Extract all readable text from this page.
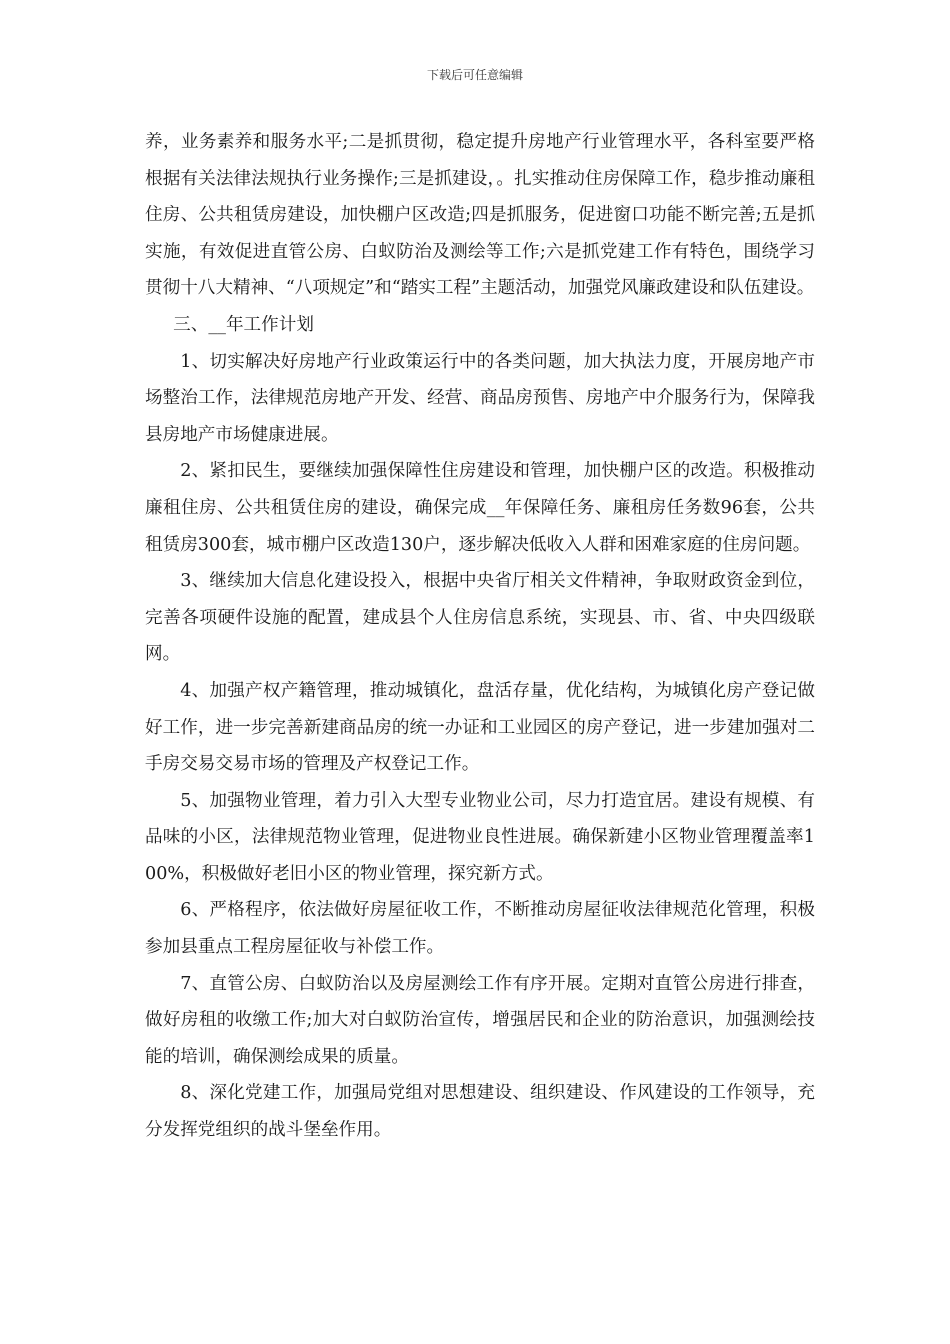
下载后可任意编辑

养，业务素养和服务水平;二是抓贯彻，稳定提升房地产行业管理水平，各科室要严格根据有关法律法规执行业务操作;三是抓建设，。扎实推动住房保障工作，稳步推动廉租住房、公共租赁房建设，加快棚户区改造;四是抓服务，促进窗口功能不断完善;五是抓实施，有效促进直管公房、白蚁防治及测绘等工作;六是抓党建工作有特色，围绕学习贯彻十八大精神、“八项规定”和“踏实工程”主题活动，加强党风廉政建设和队伍建设。

三、__年工作计划

1、切实解决好房地产行业政策运行中的各类问题，加大执法力度，开展房地产市场整治工作，法律规范房地产开发、经营、商品房预售、房地产中介服务行为，保障我县房地产市场健康进展。

2、紧扣民生，要继续加强保障性住房建设和管理，加快棚户区的改造。积极推动廉租住房、公共租赁住房的建设，确保完成__年保障任务、廉租房任务数96套，公共租赁房300套，城市棚户区改造130户，逐步解决低收入人群和困难家庭的住房问题。

3、继续加大信息化建设投入，根据中央省厅相关文件精神，争取财政资金到位，完善各项硬件设施的配置，建成县个人住房信息系统，实现县、市、省、中央四级联网。

4、加强产权产籍管理，推动城镇化，盘活存量，优化结构，为城镇化房产登记做好工作，进一步完善新建商品房的统一办证和工业园区的房产登记，进一步建加强对二手房交易交易市场的管理及产权登记工作。

5、加强物业管理，着力引入大型专业物业公司，尽力打造宜居。建设有规模、有品味的小区，法律规范物业管理，促进物业良性进展。确保新建小区物业管理覆盖率100%，积极做好老旧小区的物业管理，探究新方式。

6、严格程序，依法做好房屋征收工作，不断推动房屋征收法律规范化管理，积极参加县重点工程房屋征收与补偿工作。

7、直管公房、白蚁防治以及房屋测绘工作有序开展。定期对直管公房进行排查，做好房租的收缴工作;加大对白蚁防治宣传，增强居民和企业的防治意识，加强测绘技能的培训，确保测绘成果的质量。

8、深化党建工作，加强局党组对思想建设、组织建设、作风建设的工作领导，充分发挥党组织的战斗堡垒作用。
